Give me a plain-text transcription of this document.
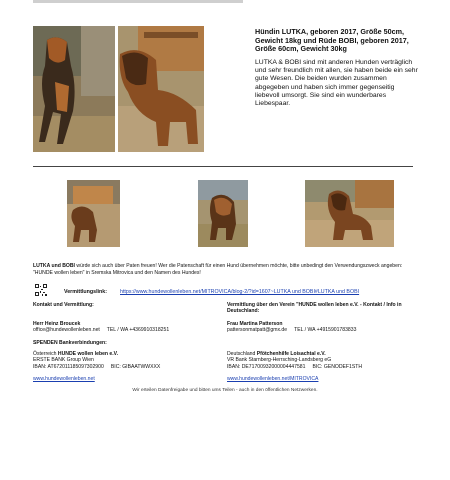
Hündin LUTKA, geboren 2017, Größe 50cm, Gewicht 18kg und Rüde BOBI, geboren 2017, Größe 60cm, Gewicht 30kg
LUTKA & BOBI sind mit anderen Hunden verträglich und sehr freundlich mit allen, sie haben beide ein sehr gute Wesen. Die beiden wurden zusammen abgegeben und haben sich immer gegenseitig liebevoll umsorgt. Sie sind ein wunderbares Liebespaar.
LUTKA und BOBI würde sich auch über Paten freuen! Wer die Patenschaft für einen Hund übernehmen möchte, bitte unbedingt den Verwendungszweck angeben: "HUNDE wollen leben" in Sremska Mitrovica und den Namen des Hundes!
Vermittlungslink: https://www.hundewollenleben.net/MITROVICA/blog-2/?id=1607~LUTKA und BOBI#LUTKA und BOBI
Kontakt und Vermittlung:	Vermittlung über den Verein "HUNDE wollen leben e.V. - Kontakt / Info in Deutschland:
Herr Heinz Broucek
office@hundewollenleben.net     TEL / WA +4369910318251
Frau Martina Patterson
pattersonmatpatt@gmx.de     TEL / WA +4915901783833
SPENDEN Bankverbindungen:
Österreich HUNDE wollen leben e.V.
ERSTE BANK Group Wien
IBAN: AT672011185097302900     BIC: GIBAATWWXXX
Deutschland Pfötchenhilfe Loisachtal e.V.
VR Bank Starnberg-Herrsching-Landsberg eG
IBAN: DE71700932000004447581     BIC: GENODEF1STH
www.hundewollenleben.net	www.hundewollenleben.net/MITROVICA
Wir erteilen Datenfreigabe und bitten ums Teilen - auch in den öffentlichen Netzwerken.
